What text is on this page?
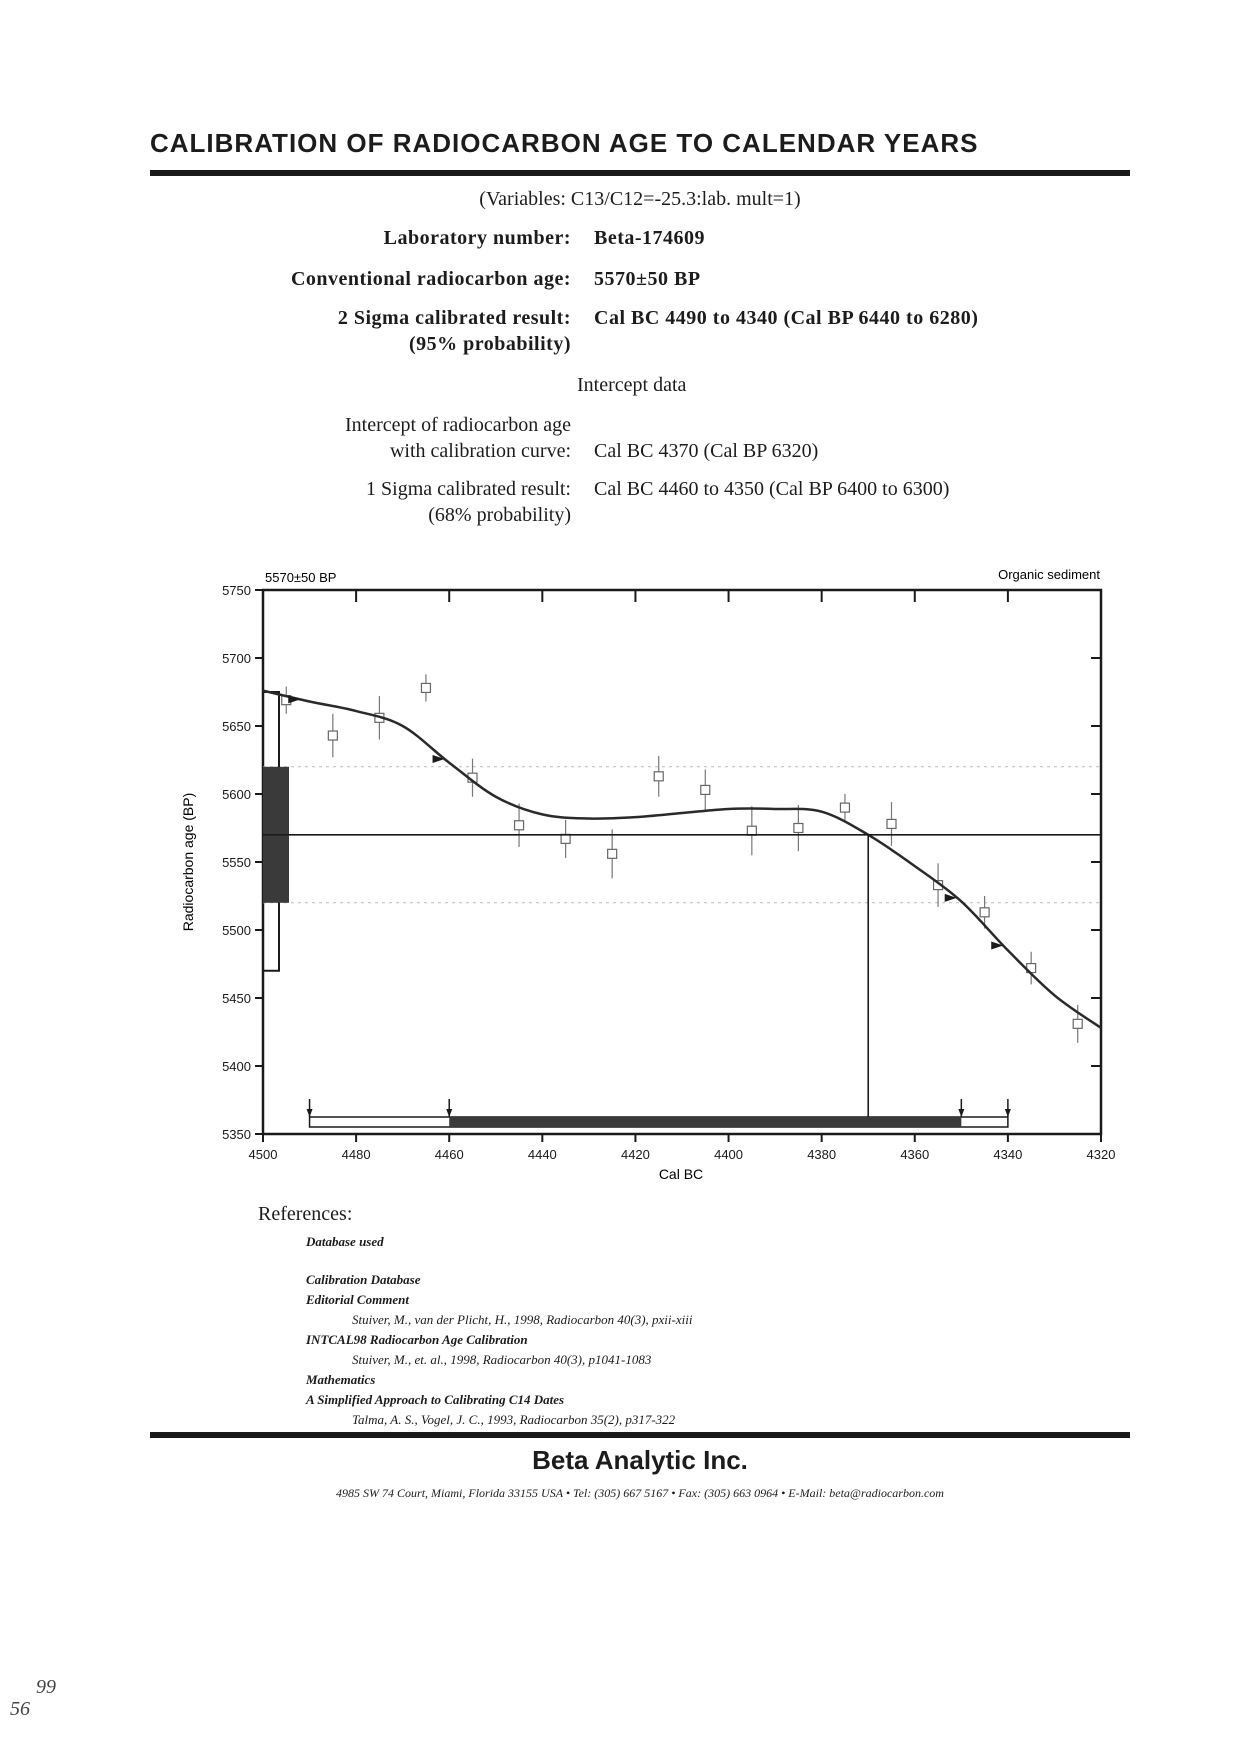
CALIBRATION OF RADIOCARBON AGE TO CALENDAR YEARS
(Variables: C13/C12=-25.3:lab. mult=1)
Laboratory number: Beta-174609
Conventional radiocarbon age: 5570±50 BP
2 Sigma calibrated result:
(95% probability)
Cal BC 4490 to 4340 (Cal BP 6440 to 6280)
Intercept data
Intercept of radiocarbon age
with calibration curve: Cal BC 4370 (Cal BP 6320)
1 Sigma calibrated result:
(68% probability)
Cal BC 4460 to 4350 (Cal BP 6400 to 6300)
5750
5700
5650
5600
5550
5500
5450
5400
5350
4500	4480	4460	4440	4420	4400	4380	4360	4340	4320
5570±50 BP	Organic sediment
Cal BC
Radiocarbon age (BP)
References:
Database used
Calibration Database
Editorial Comment
Stuiver, M., van der Plicht, H., 1998, Radiocarbon 40(3), pxii-xiii
INTCAL98 Radiocarbon Age Calibration
Stuiver, M., et. al., 1998, Radiocarbon 40(3), p1041-1083
Mathematics
A Simplified Approach to Calibrating C14 Dates
Talma, A. S., Vogel, J. C., 1993, Radiocarbon 35(2), p317-322
Beta Analytic Inc.
4985 SW 74 Court, Miami, Florida 33155 USA • Tel: (305) 667 5167 • Fax: (305) 663 0964 • E-Mail: beta@radiocarbon.com
99
56
